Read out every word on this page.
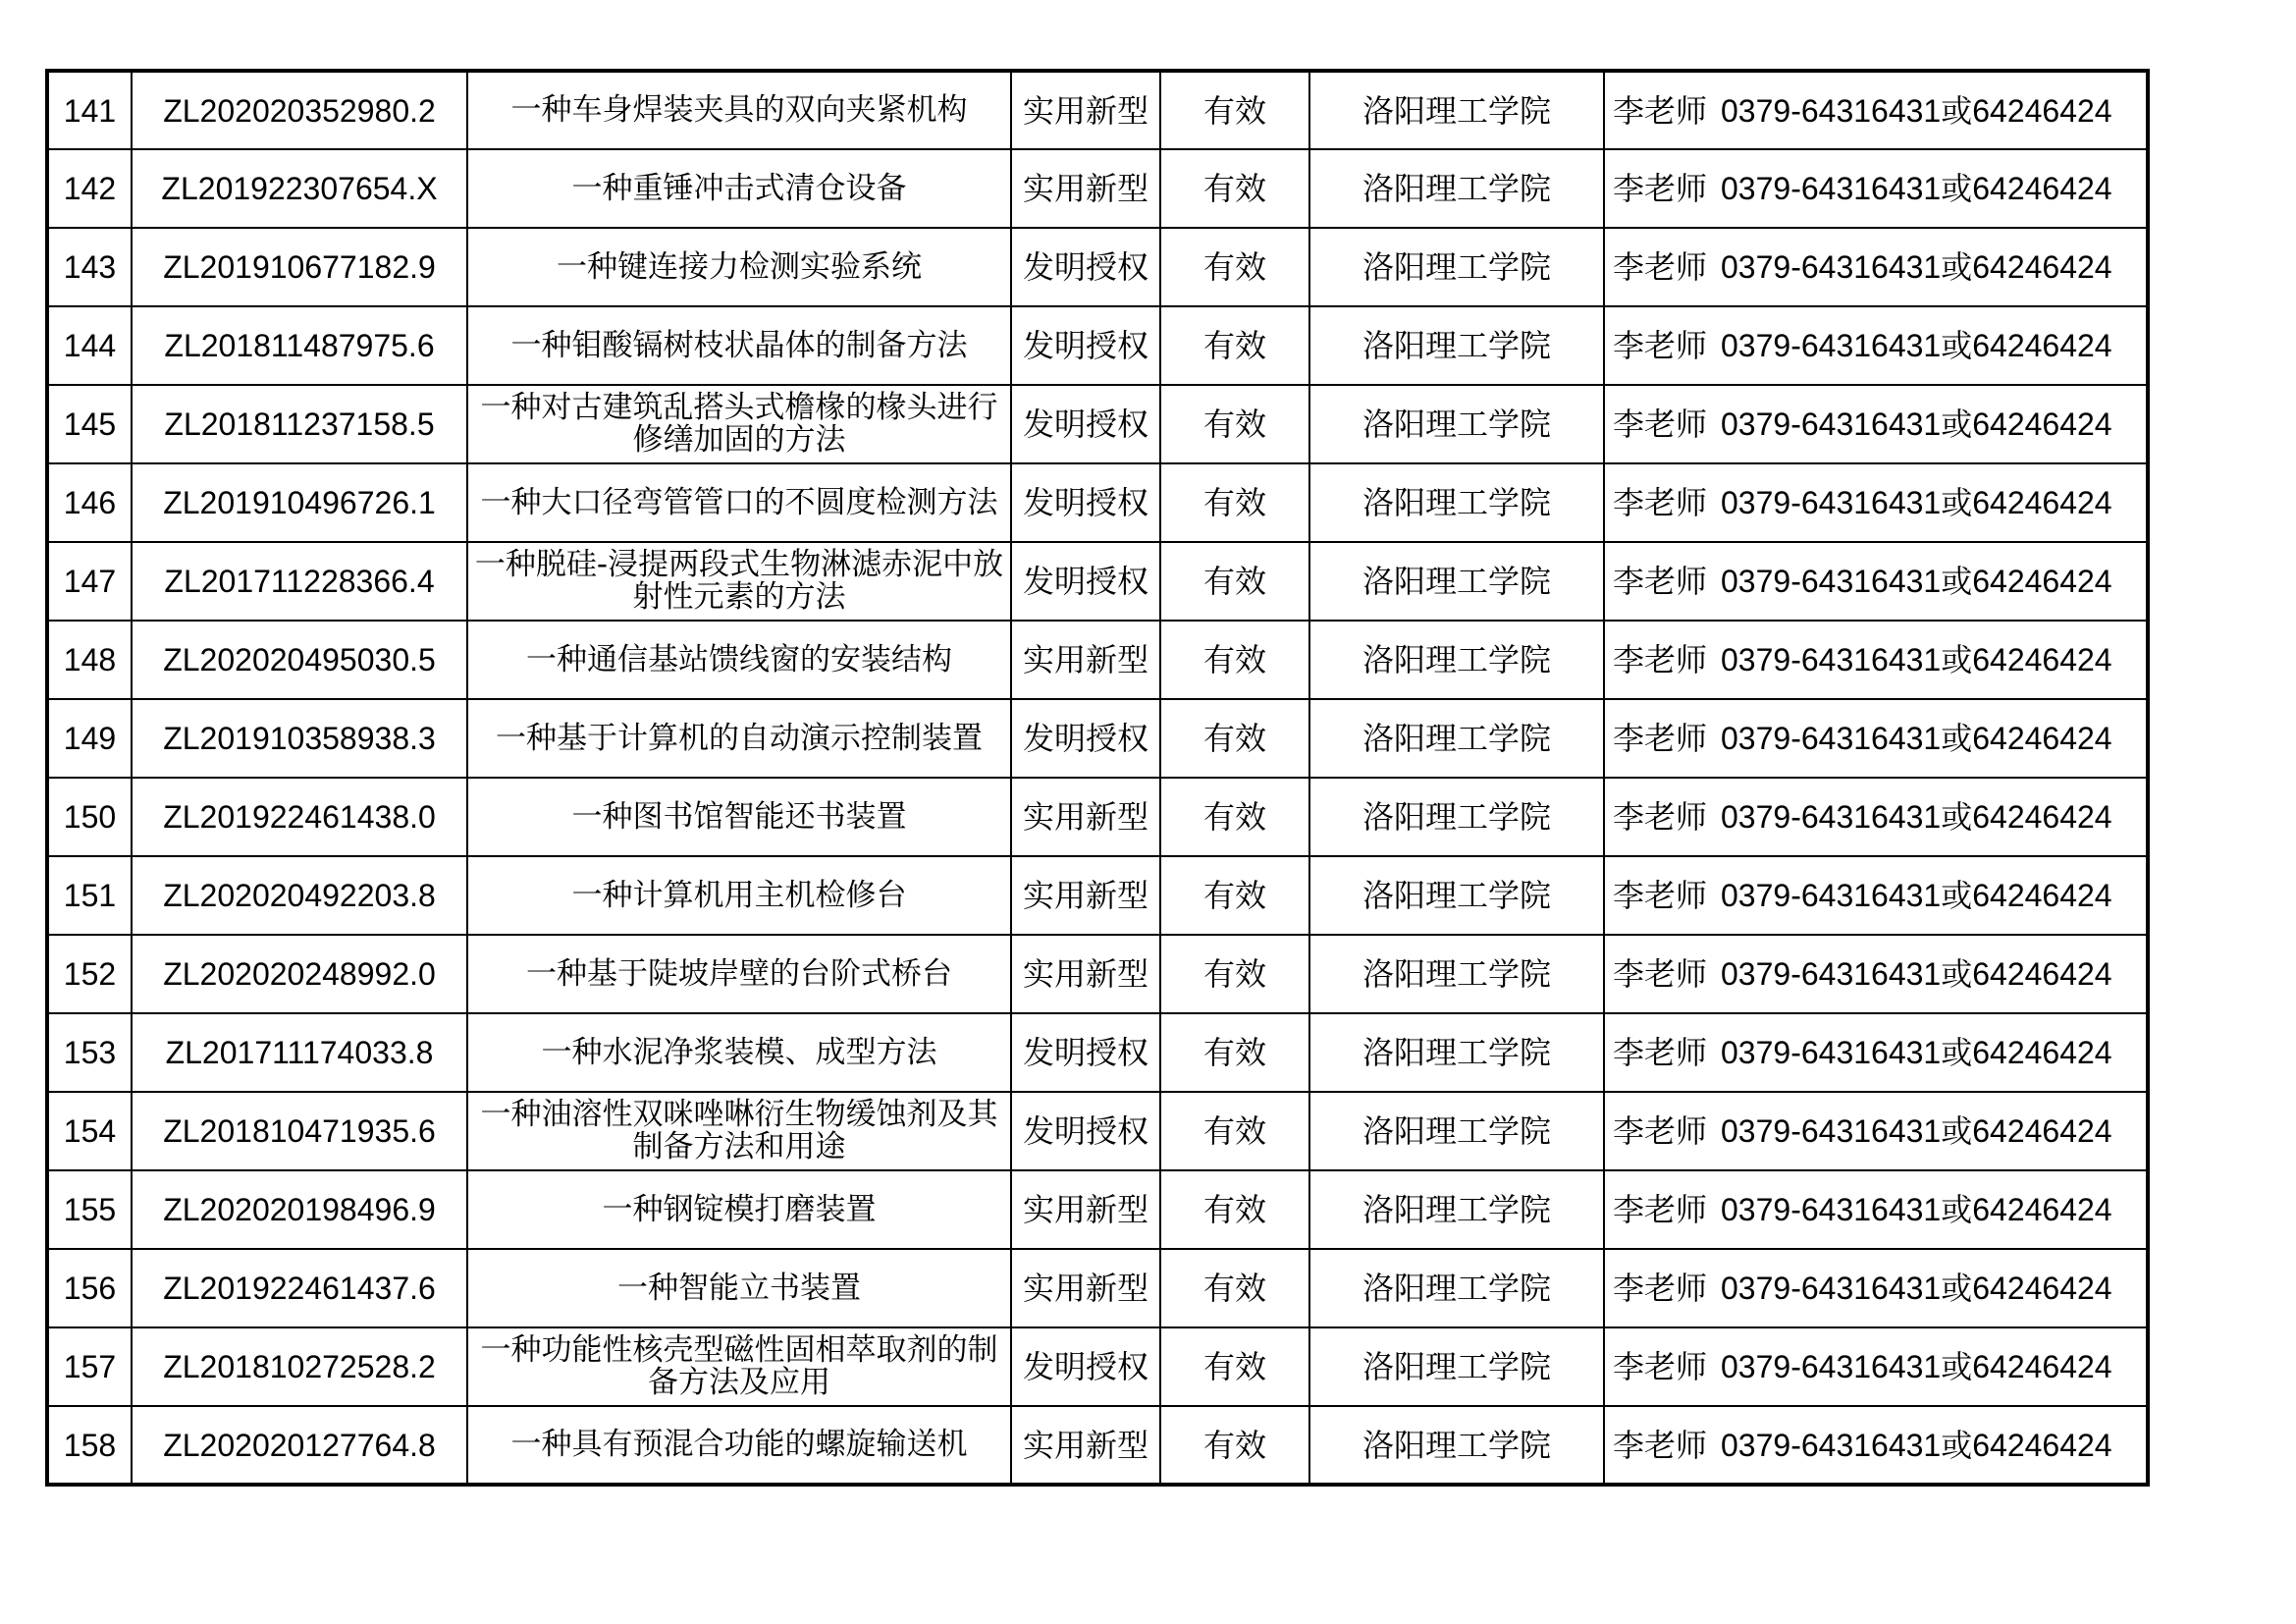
141	ZL202020352980.2	一种车身焊装夹具的双向夹紧机构	实用新型	有效	洛阳理工学院	李老师 0379-64316431或64246424
142	ZL201922307654.X	一种重锤冲击式清仓设备	实用新型	有效	洛阳理工学院	李老师 0379-64316431或64246424
143	ZL201910677182.9	一种键连接力检测实验系统	发明授权	有效	洛阳理工学院	李老师 0379-64316431或64246424
144	ZL201811487975.6	一种钼酸镉树枝状晶体的制备方法	发明授权	有效	洛阳理工学院	李老师 0379-64316431或64246424
145	ZL201811237158.5	一种对古建筑乱搭头式檐椽的椽头进行修缮加固的方法	发明授权	有效	洛阳理工学院	李老师 0379-64316431或64246424
146	ZL201910496726.1	一种大口径弯管管口的不圆度检测方法	发明授权	有效	洛阳理工学院	李老师 0379-64316431或64246424
147	ZL201711228366.4	一种脱硅-浸提两段式生物淋滤赤泥中放射性元素的方法	发明授权	有效	洛阳理工学院	李老师 0379-64316431或64246424
148	ZL202020495030.5	一种通信基站馈线窗的安装结构	实用新型	有效	洛阳理工学院	李老师 0379-64316431或64246424
149	ZL201910358938.3	一种基于计算机的自动演示控制装置	发明授权	有效	洛阳理工学院	李老师 0379-64316431或64246424
150	ZL201922461438.0	一种图书馆智能还书装置	实用新型	有效	洛阳理工学院	李老师 0379-64316431或64246424
151	ZL202020492203.8	一种计算机用主机检修台	实用新型	有效	洛阳理工学院	李老师 0379-64316431或64246424
152	ZL202020248992.0	一种基于陡坡岸壁的台阶式桥台	实用新型	有效	洛阳理工学院	李老师 0379-64316431或64246424
153	ZL201711174033.8	一种水泥净浆装模、成型方法	发明授权	有效	洛阳理工学院	李老师 0379-64316431或64246424
154	ZL201810471935.6	一种油溶性双咪唑啉衍生物缓蚀剂及其制备方法和用途	发明授权	有效	洛阳理工学院	李老师 0379-64316431或64246424
155	ZL202020198496.9	一种钢锭模打磨装置	实用新型	有效	洛阳理工学院	李老师 0379-64316431或64246424
156	ZL201922461437.6	一种智能立书装置	实用新型	有效	洛阳理工学院	李老师 0379-64316431或64246424
157	ZL201810272528.2	一种功能性核壳型磁性固相萃取剂的制备方法及应用	发明授权	有效	洛阳理工学院	李老师 0379-64316431或64246424
158	ZL202020127764.8	一种具有预混合功能的螺旋输送机	实用新型	有效	洛阳理工学院	李老师 0379-64316431或64246424
